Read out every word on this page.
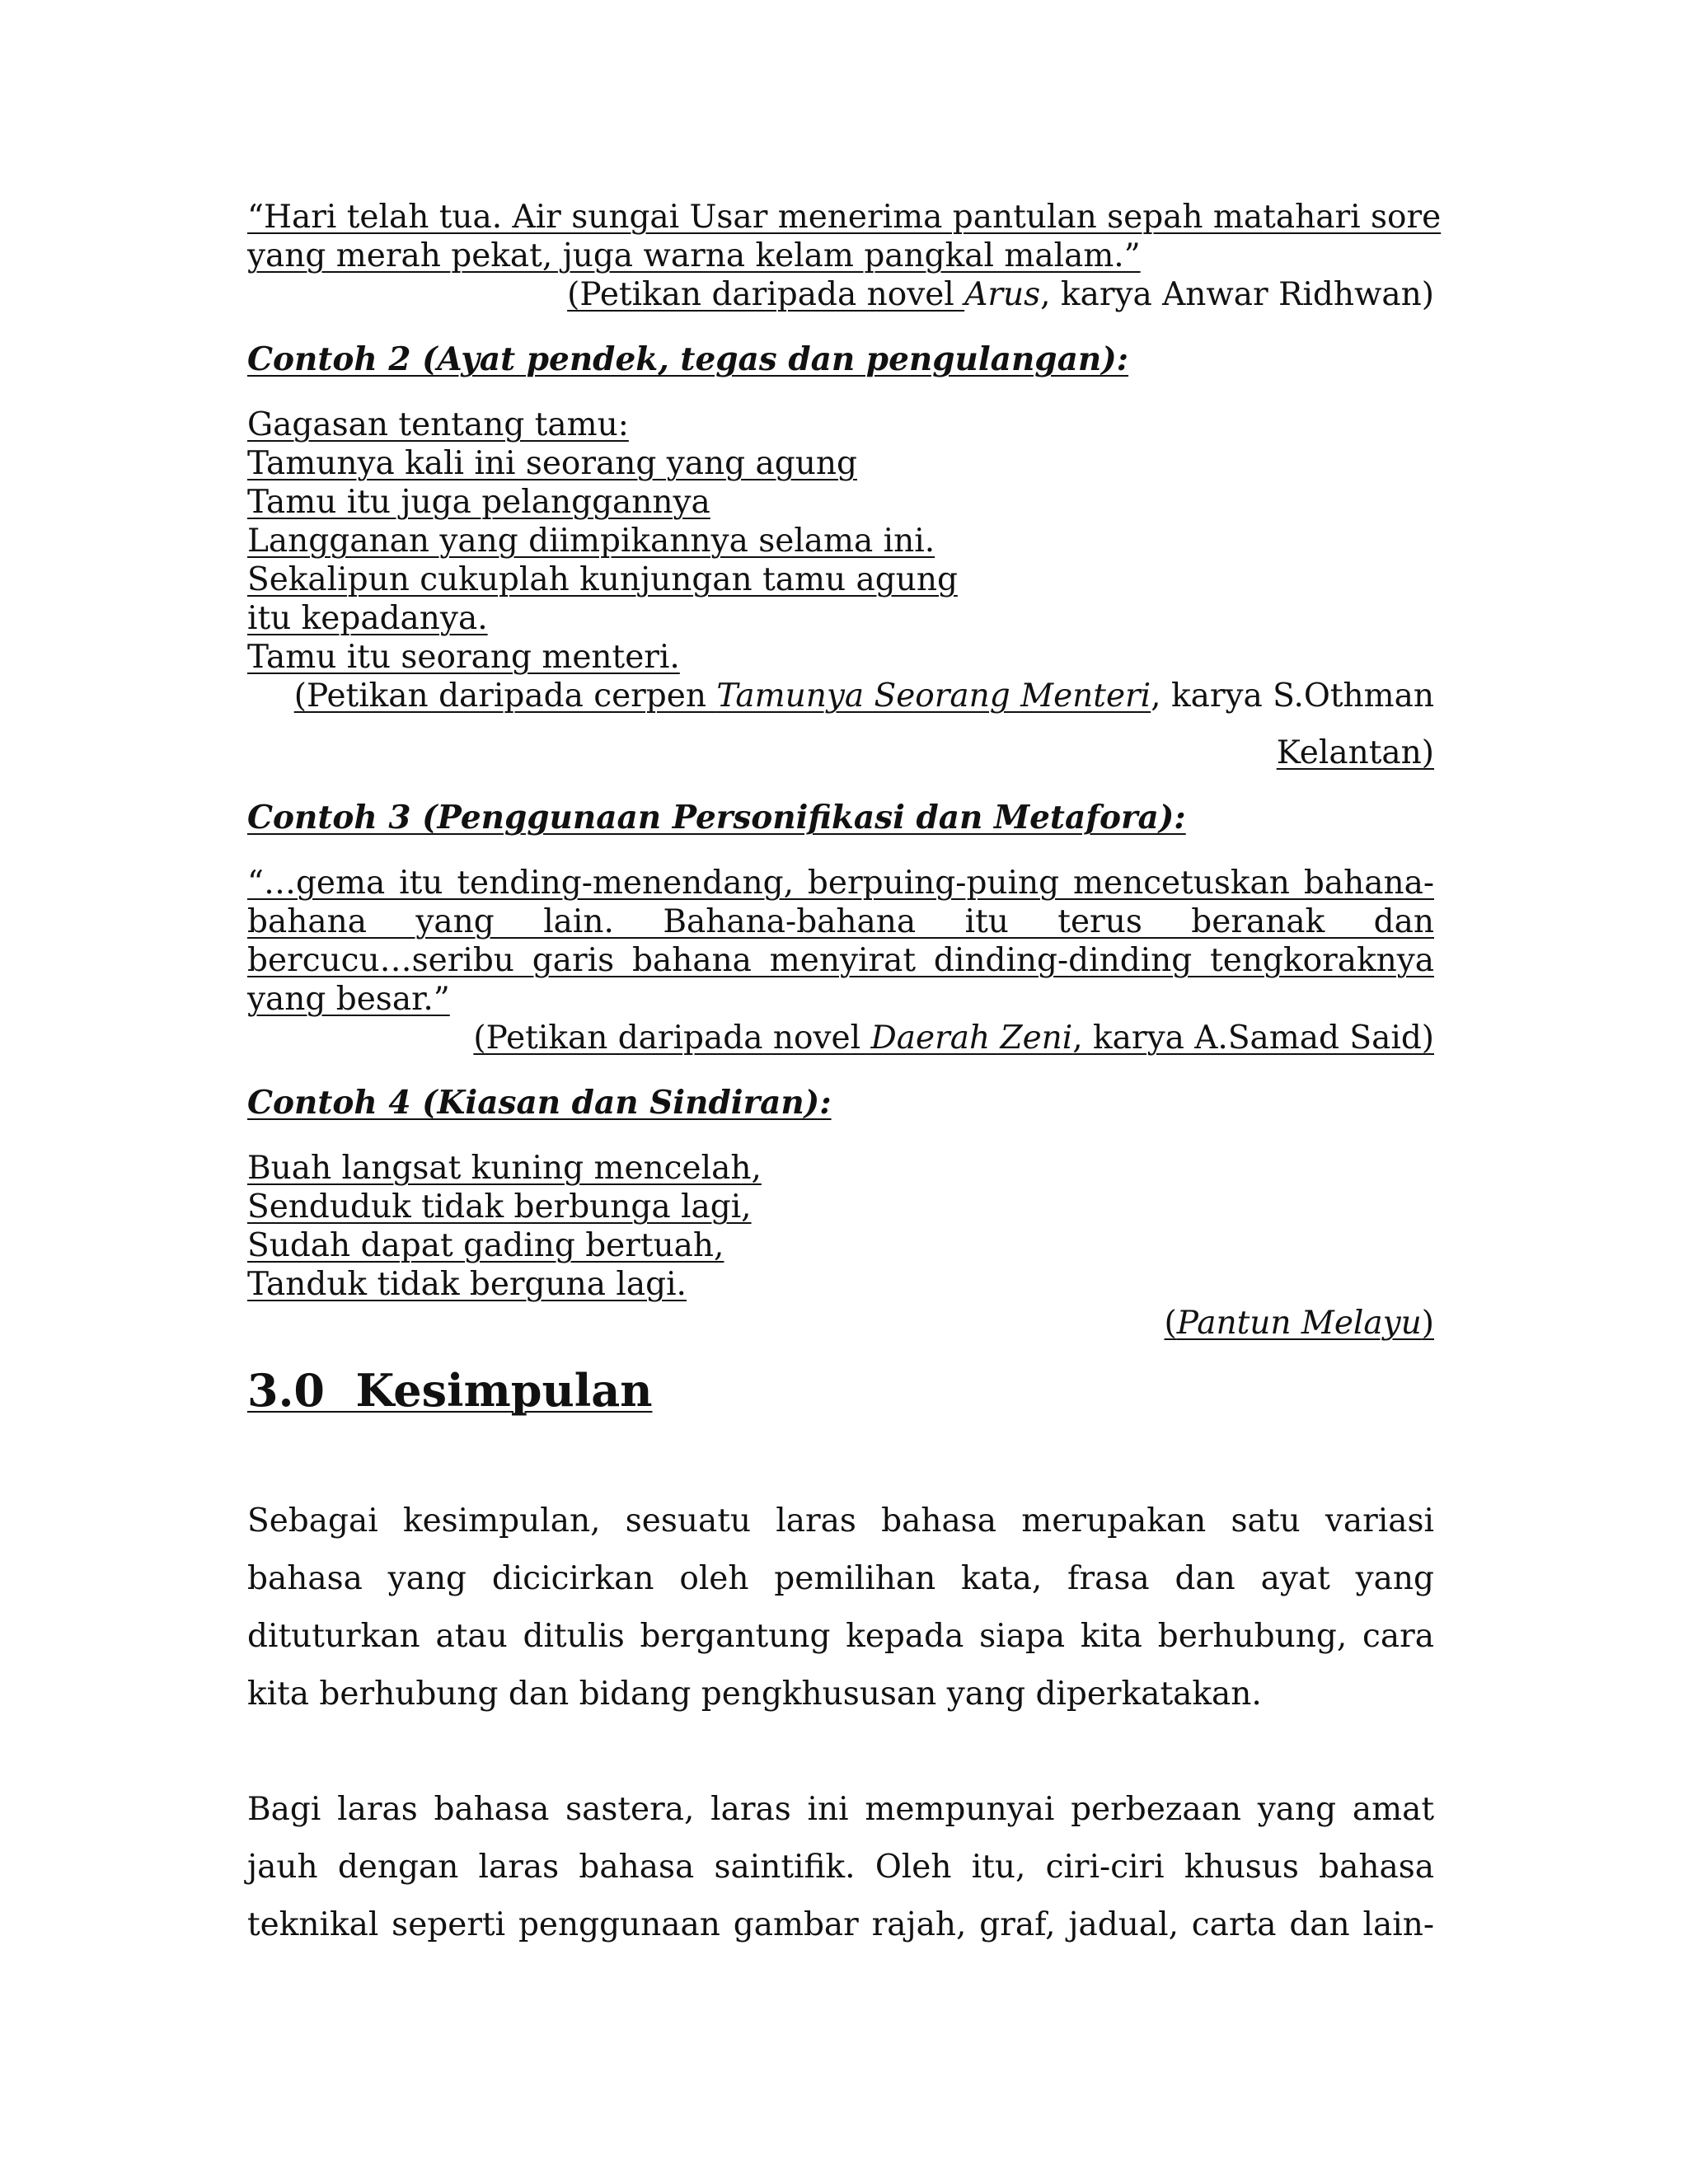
“Hari telah tua. Air sungai Usar menerima pantulan sepah matahari sore
yang merah pekat, juga warna kelam pangkal malam.”
(Petikan daripada novel Arus, karya Anwar Ridhwan)
Contoh 2 (Ayat pendek, tegas dan pengulangan):
Gagasan tentang tamu:
Tamunya kali ini seorang yang agung
Tamu itu juga pelanggannya
Langganan yang diimpikannya selama ini.
Sekalipun cukuplah kunjungan tamu agung
itu kepadanya.
Tamu itu seorang menteri.
(Petikan daripada cerpen Tamunya Seorang Menteri, karya S.Othman
Kelantan)
Contoh 3 (Penggunaan Personifikasi dan Metafora):
“…gema itu tending-menendang, berpuing-puing mencetuskan bahana-
bahana yang lain. Bahana-bahana itu terus beranak dan
bercucu…seribu garis bahana menyirat dinding-dinding tengkoraknya
yang besar.”
(Petikan daripada novel Daerah Zeni, karya A.Samad Said)
Contoh 4 (Kiasan dan Sindiran):
Buah langsat kuning mencelah,
Senduduk tidak berbunga lagi,
Sudah dapat gading bertuah,
Tanduk tidak berguna lagi.
(Pantun Melayu)
3.0  Kesimpulan
Sebagai kesimpulan, sesuatu laras bahasa merupakan satu variasi
bahasa yang dicicirkan oleh pemilihan kata, frasa dan ayat yang
dituturkan atau ditulis bergantung kepada siapa kita berhubung, cara
kita berhubung dan bidang pengkhususan yang diperkatakan.
Bagi laras bahasa sastera, laras ini mempunyai perbezaan yang amat
jauh dengan laras bahasa saintifik. Oleh itu, ciri-ciri khusus bahasa
teknikal seperti penggunaan gambar rajah, graf, jadual, carta dan lain-
